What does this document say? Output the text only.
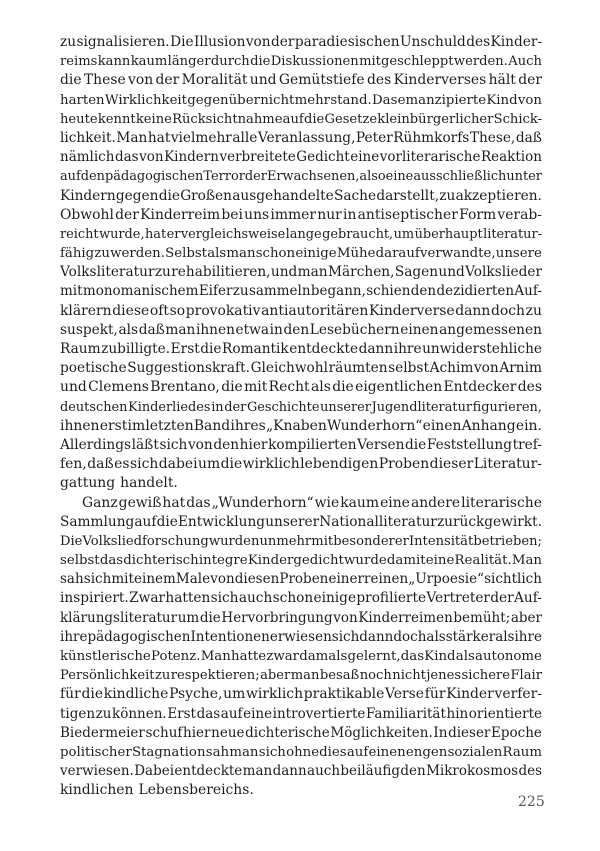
zu signalisieren. Die Illusion von der paradiesischen Unschuld des Kinder-
reims kann kaum länger durch die Diskussionen mitgeschleppt werden. Auch
die These von der Moralität und Gemütstiefe des Kinderverses hält der
harten Wirklichkeit gegenüber nicht mehr stand. Das emanzipierte Kind von
heute kennt keine Rücksichtnahme auf die Gesetze kleinbürgerlicher Schick-
lichkeit. Man hat vielmehr alle Veranlassung, Peter Rühmkorfs These, daß
nämlich das von Kindern verbreitete Gedicht eine vorliterarische Reaktion
auf den pädagogischen Terror der Erwachsenen, also eine ausschließlich unter
Kindern gegen die Großen ausgehandelte Sache darstellt, zu akzeptieren.
Obwohl der Kinderreim bei uns immer nur in antiseptischer Form verab-
reicht wurde, hat er vergleichsweise lange gebraucht, um überhaupt literatur-
fähig zu werden. Selbst als man schon einige Mühe darauf verwandte, unsere
Volksliteratur zu rehabilitieren, und man Märchen, Sagen und Volkslieder
mit monomanischem Eifer zu sammeln begann, schien den dezidierten Auf-
klärern diese oft so provokativ antiautoritären Kinderverse dann doch zu
suspekt, als daß man ihnen etwa in den Lesebüchern einen angemessenen
Raum zubilligte. Erst die Romantik entdeckte dann ihre unwiderstehliche
poetische Suggestionskraft. Gleichwohl räumten selbst Achim von Arnim
und Clemens Brentano, die mit Recht als die eigentlichen Entdecker des
deutschen Kinderliedes in der Geschichte unserer Jugendliteratur figurieren,
ihnen erst im letzten Band ihres „Knaben Wunderhorn“ einen Anhang ein.
Allerdings läßt sich von den hier kompilierten Versen die Feststellung tref-
fen, daß es sich dabei um die wirklich lebendigen Proben dieser Literatur-
gattung handelt.
Ganz gewiß hat das „Wunderhorn“ wie kaum eine andere literarische
Sammlung auf die Entwicklung unserer Nationalliteratur zurückgewirkt.
Die Volksliedforschung wurde nunmehr mit besonderer Intensität betrieben;
selbst das dichterisch integre Kindergedicht wurde damit eine Realität. Man
sah sich mit einem Male von diesen Proben einer reinen „Urpoesie“ sichtlich
inspiriert. Zwar hatten sich auch schon einige profilierte Vertreter der Auf-
klärungsliteratur um die Hervorbringung von Kinderreimen bemüht; aber
ihre pädagogischen Intentionen erwiesen sich dann doch als stärker als ihre
künstlerische Potenz. Man hatte zwar damals gelernt, das Kind als autonome
Persönlichkeit zu respektieren; aber man besaß noch nicht jenes sichere Flair
für die kindliche Psyche, um wirklich praktikable Verse für Kinder verfer-
tigen zu können. Erst das auf eine introvertierte Familiarität hin orientierte
Biedermeier schuf hier neue dichterische Möglichkeiten. In dieser Epoche
politischer Stagnation sah man sich ohnedies auf einen engen sozialen Raum
verwiesen. Dabei entdeckte man dann auch beiläufig den Mikrokosmos des
kindlichen Lebensbereichs.
225
